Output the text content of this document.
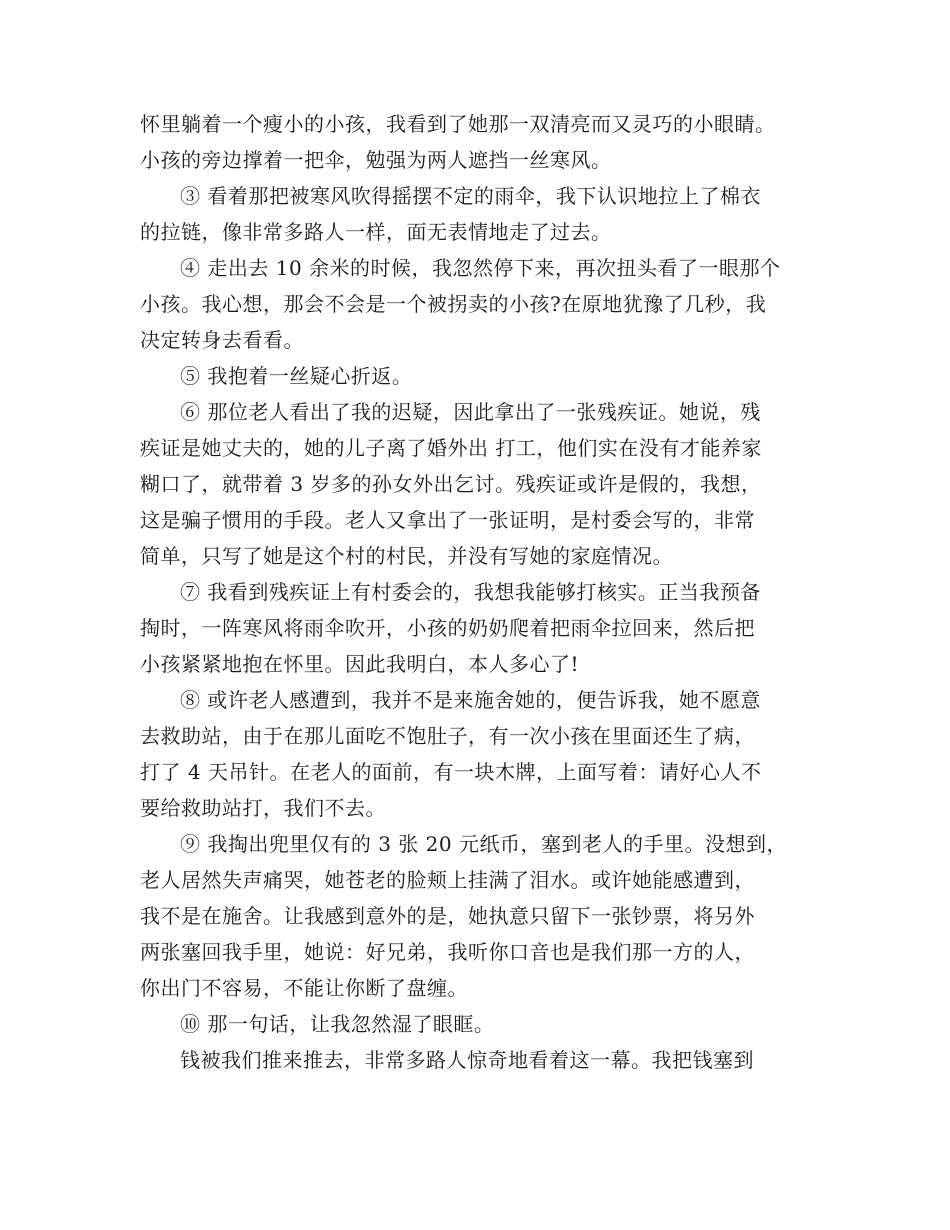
怀里躺着一个瘦小的小孩，我看到了她那一双清亮而又灵巧的小眼睛。
小孩的旁边撑着一把伞，勉强为两人遮挡一丝寒风。
③ 看着那把被寒风吹得摇摆不定的雨伞，我下认识地拉上了棉衣
的拉链，像非常多路人一样，面无表情地走了过去。
④ 走出去 10 余米的时候，我忽然停下来，再次扭头看了一眼那个
小孩。我心想，那会不会是一个被拐卖的小孩?在原地犹豫了几秒，我
决定转身去看看。
⑤ 我抱着一丝疑心折返。
⑥ 那位老人看出了我的迟疑，因此拿出了一张残疾证。她说，残
疾证是她丈夫的，她的儿子离了婚外出 打工，他们实在没有才能养家
糊口了，就带着 3 岁多的孙女外出乞讨。残疾证或许是假的，我想，
这是骗子惯用的手段。老人又拿出了一张证明，是村委会写的，非常
简单，只写了她是这个村的村民，并没有写她的家庭情况。
⑦ 我看到残疾证上有村委会的，我想我能够打核实。正当我预备
掏时，一阵寒风将雨伞吹开，小孩的奶奶爬着把雨伞拉回来，然后把
小孩紧紧地抱在怀里。因此我明白，本人多心了!
⑧ 或许老人感遭到，我并不是来施舍她的，便告诉我，她不愿意
去救助站，由于在那儿面吃不饱肚子，有一次小孩在里面还生了病，
打了 4 天吊针。在老人的面前，有一块木牌，上面写着：请好心人不
要给救助站打，我们不去。
⑨ 我掏出兜里仅有的 3 张 20 元纸币，塞到老人的手里。没想到，
老人居然失声痛哭，她苍老的脸颊上挂满了泪水。或许她能感遭到，
我不是在施舍。让我感到意外的是，她执意只留下一张钞票，将另外
两张塞回我手里，她说：好兄弟，我听你口音也是我们那一方的人，
你出门不容易，不能让你断了盘缠。
⑩ 那一句话，让我忽然湿了眼眶。
钱被我们推来推去，非常多路人惊奇地看着这一幕。我把钱塞到
